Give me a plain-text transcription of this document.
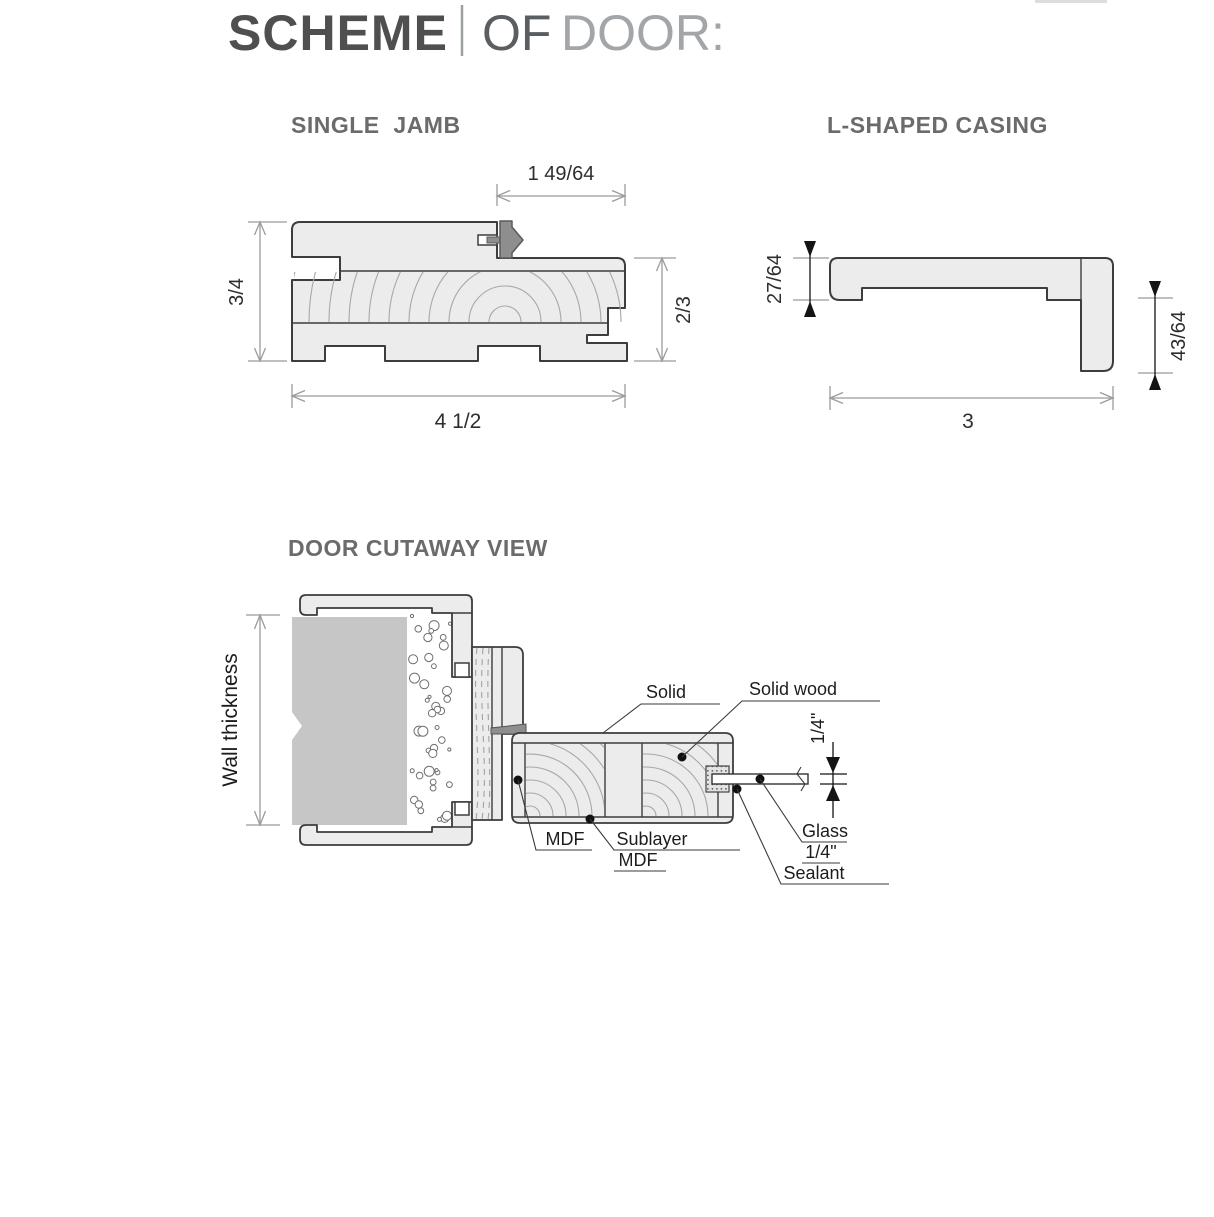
SCHEME OF DOOR:
SINGLE  JAMB
1 49/64
3/4
2/3
4 1/2
L-SHAPED CASING
27/64
43/64
3
DOOR CUTAWAY VIEW
Wall thickness	1/4"
Solid	Solid wood
MDF Sublayer
MDF
Glass
1/4"
Sealant
